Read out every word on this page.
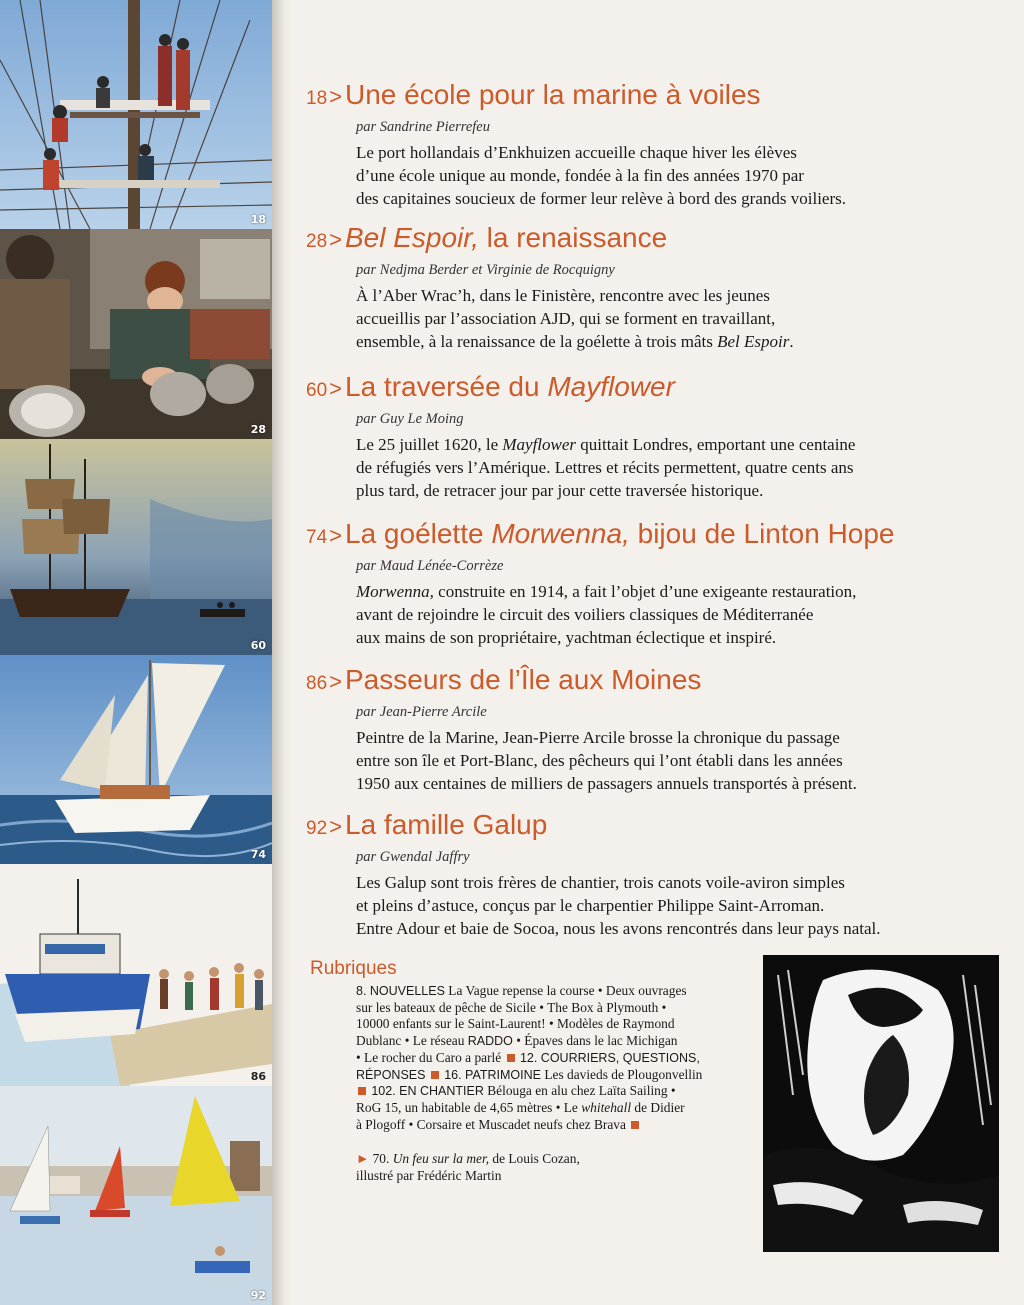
18
28
60
74
86
92
18> Une école pour la marine à voiles
par Sandrine Pierrefeu
Le port hollandais d’Enkhuizen accueille chaque hiver les élèves
d’une école unique au monde, fondée à la fin des années 1970 par
des capitaines soucieux de former leur relève à bord des grands voiliers.
28> Bel Espoir, la renaissance
par Nedjma Berder et Virginie de Rocquigny
À l’Aber Wrac’h, dans le Finistère, rencontre avec les jeunes
accueillis par l’association AJD, qui se forment en travaillant,
ensemble, à la renaissance de la goélette à trois mâts Bel Espoir.
60> La traversée du Mayflower
par Guy Le Moing
Le 25 juillet 1620, le Mayflower quittait Londres, emportant une centaine
de réfugiés vers l’Amérique. Lettres et récits permettent, quatre cents ans
plus tard, de retracer jour par jour cette traversée historique.
74> La goélette Morwenna, bijou de Linton Hope
par Maud Lénée-Corrèze
Morwenna, construite en 1914, a fait l’objet d’une exigeante restauration,
avant de rejoindre le circuit des voiliers classiques de Méditerranée
aux mains de son propriétaire, yachtman éclectique et inspiré.
86> Passeurs de l’Île aux Moines
par Jean-Pierre Arcile
Peintre de la Marine, Jean-Pierre Arcile brosse la chronique du passage
entre son île et Port-Blanc, des pêcheurs qui l’ont établi dans les années
1950 aux centaines de milliers de passagers annuels transportés à présent.
92> La famille Galup
par Gwendal Jaffry
Les Galup sont trois frères de chantier, trois canots voile-aviron simples
et pleins d’astuce, conçus par le charpentier Philippe Saint-Arroman.
Entre Adour et baie de Socoa, nous les avons rencontrés dans leur pays natal.
Rubriques
8. NOUVELLES La Vague repense la course • Deux ouvrages
sur les bateaux de pêche de Sicile • The Box à Plymouth •
10000 enfants sur le Saint-Laurent! • Modèles de Raymond
Dublanc • Le réseau RADDO • Épaves dans le lac Michigan
• Le rocher du Caro a parlé  12. COURRIERS, QUESTIONS,
RÉPONSES 16. PATRIMOINE Les davieds de Plougonvellin
102. EN CHANTIER Bélouga en alu chez Laïta Sailing •
RoG 15, un habitable de 4,65 mètres • Le whitehall de Didier
à Plogoff • Corsaire et Muscadet neufs chez Brava
► 70. Un feu sur la mer, de Louis Cozan,
illustré par Frédéric Martin
